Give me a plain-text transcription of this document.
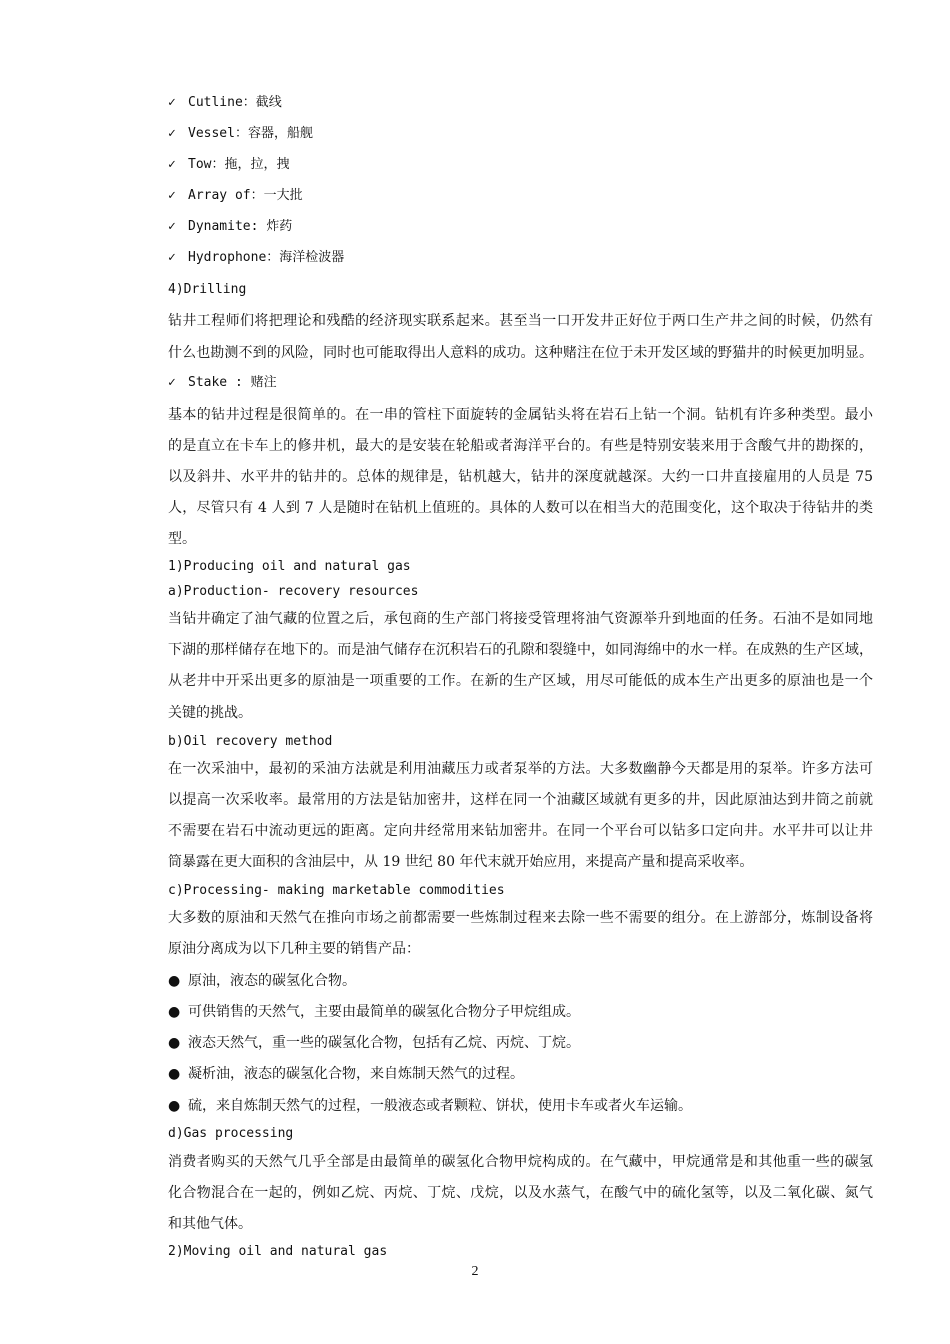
✓ Cutline：截线
✓ Vessel：容器，船舰
✓ Tow：拖，拉，拽
✓ Array of：一大批
✓ Dynamite: 炸药
✓ Hydrophone：海洋检波器
4)Drilling
钻井工程师们将把理论和残酷的经济现实联系起来。甚至当一口开发井正好位于两口生产井之间的时候，仍然有
什么也勘测不到的风险，同时也可能取得出人意料的成功。这种赌注在位于未开发区域的野猫井的时候更加明显。
✓ Stake : 赌注
基本的钻井过程是很简单的。在一串的管柱下面旋转的金属钻头将在岩石上钻一个洞。钻机有许多种类型。最小
的是直立在卡车上的修井机，最大的是安装在轮船或者海洋平台的。有些是特别安装来用于含酸气井的勘探的，
以及斜井、水平井的钻井的。总体的规律是，钻机越大，钻井的深度就越深。大约一口井直接雇用的人员是 75
人，尽管只有 4 人到 7 人是随时在钻机上值班的。具体的人数可以在相当大的范围变化，这个取决于待钻井的类
型。
1)Producing oil and natural gas
a)Production- recovery resources
当钻井确定了油气藏的位置之后，承包商的生产部门将接受管理将油气资源举升到地面的任务。石油不是如同地
下湖的那样储存在地下的。而是油气储存在沉积岩石的孔隙和裂缝中，如同海绵中的水一样。在成熟的生产区域，
从老井中开采出更多的原油是一项重要的工作。在新的生产区域，用尽可能低的成本生产出更多的原油也是一个
关键的挑战。
b)Oil recovery method
在一次采油中，最初的采油方法就是利用油藏压力或者泵举的方法。大多数幽静今天都是用的泵举。许多方法可
以提高一次采收率。最常用的方法是钻加密井，这样在同一个油藏区域就有更多的井，因此原油达到井筒之前就
不需要在岩石中流动更远的距离。定向井经常用来钻加密井。在同一个平台可以钻多口定向井。水平井可以让井
筒暴露在更大面积的含油层中，从 19 世纪 80 年代末就开始应用，来提高产量和提高采收率。
c)Processing- making marketable commodities
大多数的原油和天然气在推向市场之前都需要一些炼制过程来去除一些不需要的组分。在上游部分，炼制设备将
原油分离成为以下几种主要的销售产品：
● 原油，液态的碳氢化合物。
● 可供销售的天然气，主要由最简单的碳氢化合物分子甲烷组成。
● 液态天然气，重一些的碳氢化合物，包括有乙烷、丙烷、丁烷。
● 凝析油，液态的碳氢化合物，来自炼制天然气的过程。
● 硫，来自炼制天然气的过程，一般液态或者颗粒、饼状，使用卡车或者火车运输。
d)Gas processing
消费者购买的天然气几乎全部是由最简单的碳氢化合物甲烷构成的。在气藏中，甲烷通常是和其他重一些的碳氢
化合物混合在一起的，例如乙烷、丙烷、丁烷、戊烷，以及水蒸气，在酸气中的硫化氢等，以及二氧化碳、氮气
和其他气体。
2)Moving oil and natural gas
2
